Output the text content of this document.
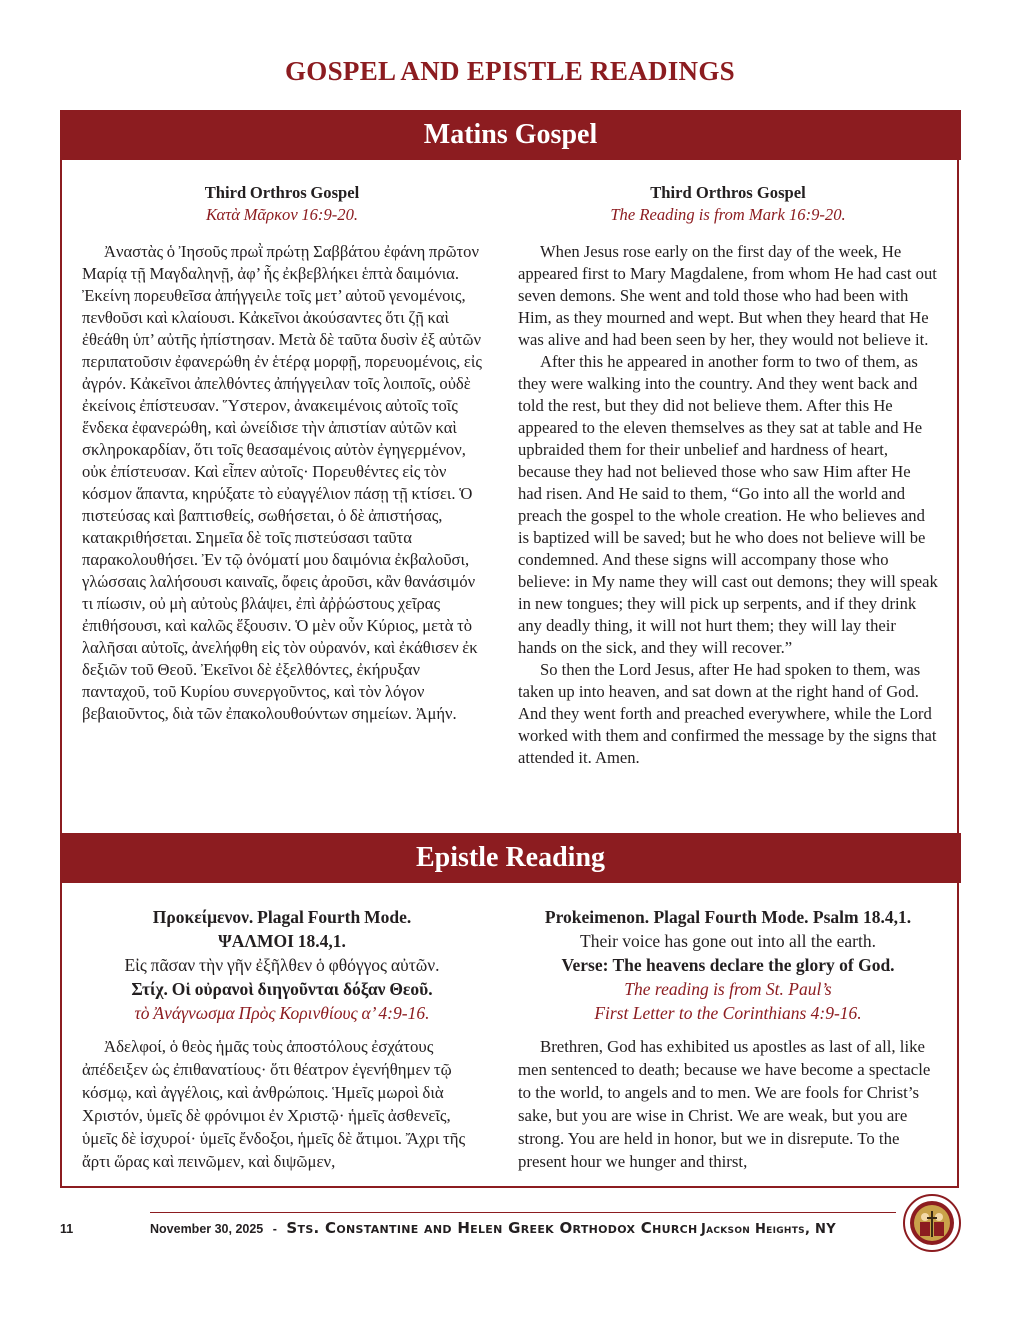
GOSPEL AND EPISTLE READINGS
Matins Gospel
Third Orthros Gospel
Κατὰ Μᾶρκον 16:9-20.

Ἀναστὰς ὁ Ἰησοῦς πρωῒ πρώτῃ Σαββάτου ἐφάνη πρῶτον Μαρίᾳ τῇ Μαγδαληνῇ, ἀφ’ ἧς ἐκβεβλήκει ἑπτὰ δαιμόνια. Ἐκείνη πορευθεῖσα ἀπήγγειλε τοῖς μετ’ αὐτοῦ γενομένοις, πενθοῦσι καὶ κλαίουσι. Κἀκεῖνοι ἀκούσαντες ὅτι ζῇ καὶ ἐθεάθη ὑπ’ αὐτῆς ἠπίστησαν. Μετὰ δὲ ταῦτα δυσὶν ἐξ αὐτῶν περιπατοῦσιν ἐφανερώθη ἐν ἑτέρᾳ μορφῇ, πορευομένοις, εἰς ἀγρόν. Κἀκεῖνοι ἀπελθόντες ἀπήγγειλαν τοῖς λοιποῖς, οὐδὲ ἐκείνοις ἐπίστευσαν. Ὕστερον, ἀνακειμένοις αὐτοῖς τοῖς ἕνδεκα ἐφανερώθη, καὶ ὠνείδισε τὴν ἀπιστίαν αὐτῶν καὶ σκληροκαρδίαν, ὅτι τοῖς θεασαμένοις αὐτὸν ἐγηγερμένον, οὐκ ἐπίστευσαν. Καὶ εἶπεν αὐτοῖς· Πορευθέντες εἰς τὸν κόσμον ἅπαντα, κηρύξατε τὸ εὐαγγέλιον πάσῃ τῇ κτίσει. Ὁ πιστεύσας καὶ βαπτισθείς, σωθήσεται, ὁ δὲ ἀπιστήσας, κατακριθήσεται. Σημεῖα δὲ τοῖς πιστεύσασι ταῦτα παρακολουθήσει. Ἐν τῷ ὀνόματί μου δαιμόνια ἐκβαλοῦσι, γλώσσαις λαλήσουσι καιναῖς, ὄφεις ἀροῦσι, κἂν θανάσιμόν τι πίωσιν, οὐ μὴ αὐτοὺς βλάψει, ἐπὶ ἀῤῥώστους χεῖρας ἐπιθήσουσι, καὶ καλῶς ἕξουσιν. Ὁ μὲν οὖν Κύριος, μετὰ τὸ λαλῆσαι αὐτοῖς, ἀνελήφθη εἰς τὸν οὐρανόν, καὶ ἐκάθισεν ἐκ δεξιῶν τοῦ Θεοῦ. Ἐκεῖνοι δὲ ἐξελθόντες, ἐκήρυξαν πανταχοῦ, τοῦ Κυρίου συνεργοῦντος, καὶ τὸν λόγον βεβαιοῦντος, διὰ τῶν ἐπακολουθούντων σημείων. Ἀμήν.

Third Orthros Gospel
The Reading is from Mark 16:9-20.

When Jesus rose early on the first day of the week, He appeared first to Mary Magdalene, from whom He had cast out seven demons. She went and told those who had been with Him, as they mourned and wept. But when they heard that He was alive and had been seen by her, they would not believe it.

After this he appeared in another form to two of them, as they were walking into the country. And they went back and told the rest, but they did not believe them. After this He appeared to the eleven themselves as they sat at table and He upbraided them for their unbelief and hardness of heart, because they had not believed those who saw Him after He had risen. And He said to them, “Go into all the world and preach the gospel to the whole creation. He who believes and is baptized will be saved; but he who does not believe will be condemned. And these signs will accompany those who believe: in My name they will cast out demons; they will speak in new tongues; they will pick up serpents, and if they drink any deadly thing, it will not hurt them; they will lay their hands on the sick, and they will recover.”

So then the Lord Jesus, after He had spoken to them, was taken up into heaven, and sat down at the right hand of God. And they went forth and preached everywhere, while the Lord worked with them and confirmed the message by the signs that attended it. Amen.

Epistle Reading
Προκείμενον. Plagal Fourth Mode.
ΨΑΛΜΟΙ 18.4,1.
Εἰς πᾶσαν τὴν γῆν ἐξῆλθεν ὁ φθόγγος αὐτῶν.
Στίχ. Οἱ οὐρανοὶ διηγοῦνται δόξαν Θεοῦ.
τὸ Ἀνάγνωσμα Πρὸς Κορινθίους α’ 4:9-16.

Ἀδελφοί, ὁ θεὸς ἡμᾶς τοὺς ἀποστόλους ἐσχάτους ἀπέδειξεν ὡς ἐπιθανατίους· ὅτι θέατρον ἐγενήθημεν τῷ κόσμῳ, καὶ ἀγγέλοις, καὶ ἀνθρώποις. Ἡμεῖς μωροὶ διὰ Χριστόν, ὑμεῖς δὲ φρόνιμοι ἐν Χριστῷ· ἡμεῖς ἀσθενεῖς, ὑμεῖς δὲ ἰσχυροί· ὑμεῖς ἔνδοξοι, ἡμεῖς δὲ ἄτιμοι. Ἄχρι τῆς ἄρτι ὥρας καὶ πεινῶμεν, καὶ διψῶμεν,

Prokeimenon. Plagal Fourth Mode. Psalm 18.4,1.
Their voice has gone out into all the earth.
Verse: The heavens declare the glory of God.
The reading is from St. Paul’s
First Letter to the Corinthians 4:9-16.

Brethren, God has exhibited us apostles as last of all, like men sentenced to death; because we have become a spectacle to the world, to angels and to men. We are fools for Christ’s sake, but you are wise in Christ. We are weak, but you are strong. You are held in honor, but we in disrepute. To the present hour we hunger and thirst,

11	November 30, 2025 - Sts. Constantine and Helen Greek Orthodox Church Jackson Heights, NY
